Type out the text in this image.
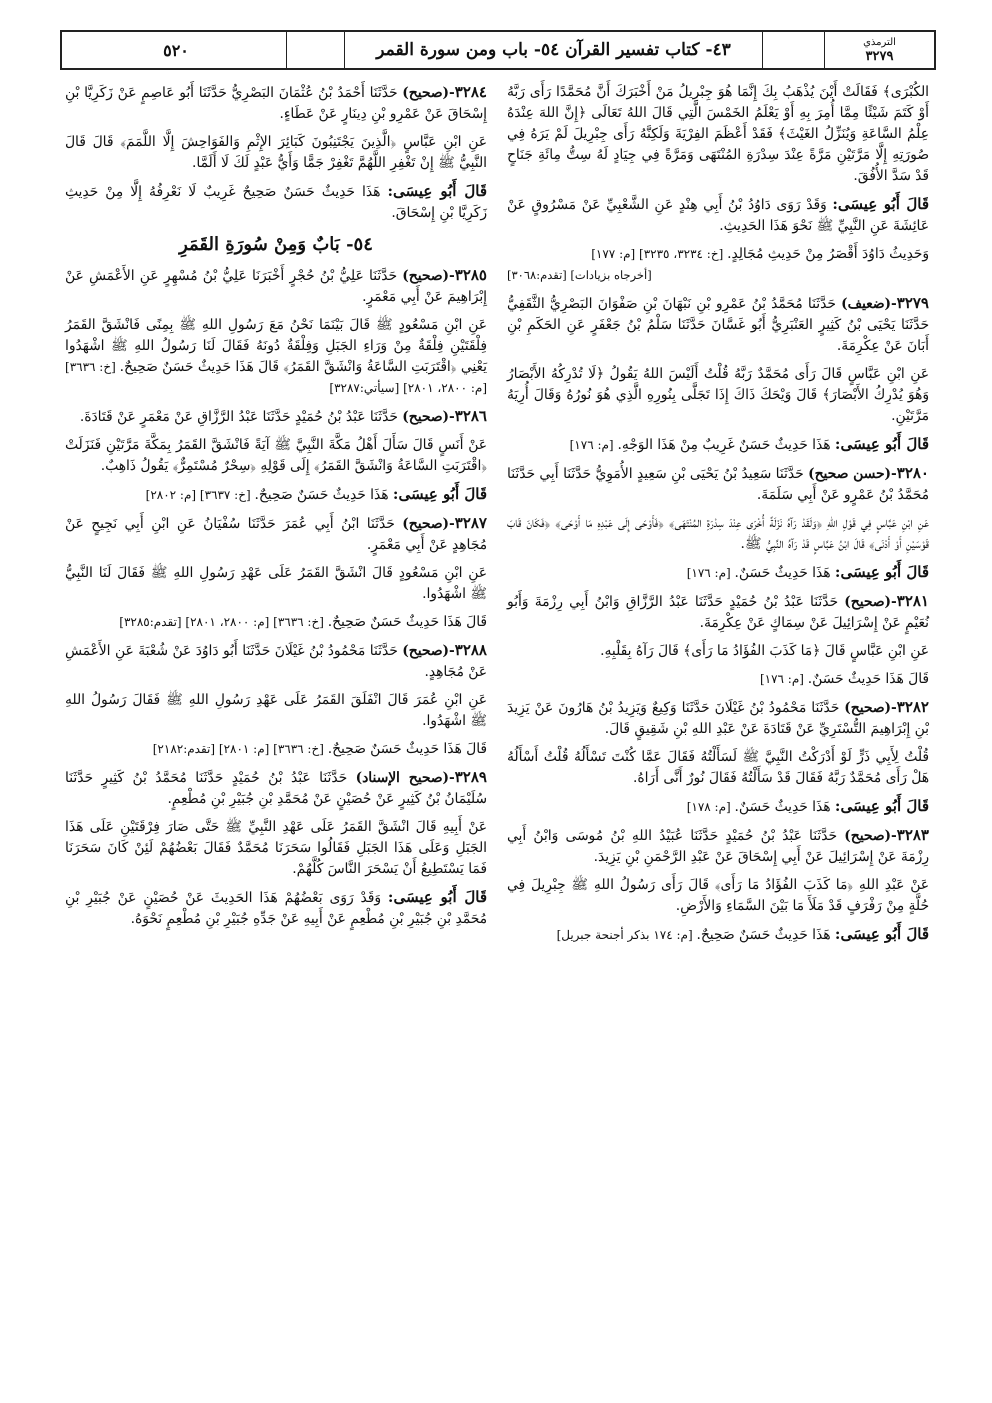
الترمذي
٣٢٧٩
٤٣- كتاب تفسير القرآن ٥٤- باب ومن سورة القمر
٥٢٠

الكُبْرَى﴾ فَقَالَتْ أَيْنَ يُذْهَبُ بِكَ إِنَّمَا هُوَ جِبْرِيلُ مَنْ أَخْبَرَكَ أَنَّ مُحَمَّدًا رَأَى رَبَّهُ أَوْ كَتَمَ شَيْئًا مِمَّا أُمِرَ بِهِ أَوْ يَعْلَمُ الخَمْسَ الَّتِي قَالَ اللهُ تَعَالَى ﴿إِنَّ اللهَ عِنْدَهُ عِلْمُ السَّاعَةِ وَيُنَزِّلُ الغَيْثَ﴾ فَقَدْ أَعْظَمَ الفِرْيَةَ وَلَكِنَّهُ رَأَى جِبْرِيلَ لَمْ يَرَهُ فِي صُورَتِهِ إِلَّا مَرَّتَيْنِ مَرَّةً عِنْدَ سِدْرَةِ المُنْتَهَى وَمَرَّةً فِي جِيَادٍ لَهُ سِتُّ مِائَةِ جَنَاحٍ قَدْ سَدَّ الأُفُقَ.

قَالَ أَبُو عِيسَى: وَقَدْ رَوَى دَاوُدُ بْنُ أَبِي هِنْدٍ عَنِ الشَّعْبِيِّ عَنْ مَسْرُوقٍ عَنْ عَائِشَةَ عَنِ النَّبِيِّ ﷺ نَحْوَ هَذَا الحَدِيثِ.

وَحَدِيثُ دَاوُدَ أَقْصَرُ مِنْ حَدِيثِ مُجَالِدٍ. [خ: ٣٢٣٤، ٣٢٣٥] [م: ١٧٧]
[أخرجاه بزيادات] [تقدم:٣٠٦٨]

٣٢٧٩-(ضعيف) حَدَّثَنَا مُحَمَّدُ بْنُ عَمْرِو بْنِ نَبْهَانَ بْنِ صَفْوَانَ البَصْرِيُّ الثَّقَفِيُّ حَدَّثَنَا يَحْيَى بْنُ كَثِيرٍ العَنْبَرِيُّ أَبُو غَسَّانَ حَدَّثَنَا سَلْمُ بْنُ جَعْفَرٍ عَنِ الحَكَمِ بْنِ أَبَانَ عَنْ عِكْرِمَةَ.

عَنِ ابْنِ عَبَّاسٍ قَالَ رَأَى مُحَمَّدٌ رَبَّهُ قُلْتُ أَلَيْسَ اللهُ يَقُولُ ﴿لَا تُدْرِكُهُ الأَبْصَارُ وَهُوَ يُدْرِكُ الأَبْصَارَ﴾ قَالَ وَيْحَكَ ذَاكَ إِذَا تَجَلَّى بِنُورِهِ الَّذِي هُوَ نُورُهُ وَقَالَ أُرِيَهُ مَرَّتَيْنِ.

قَالَ أَبُو عِيسَى: هَذَا حَدِيثٌ حَسَنٌ غَرِيبٌ مِنْ هَذَا الوَجْهِ. [م: ١٧٦]

٣٢٨٠-(حسن صحيح) حَدَّثَنَا سَعِيدُ بْنُ يَحْيَى بْنِ سَعِيدٍ الأُمَوِيُّ حَدَّثَنَا أَبِي حَدَّثَنَا مُحَمَّدُ بْنُ عَمْرٍو عَنْ أَبِي سَلَمَةَ.

عَنِ ابْنِ عَبَّاسٍ فِي قَوْلِ اللهِ ﴿وَلَقَدْ رَآهُ نَزْلَةً أُخْرَى عِنْدَ سِدْرَةِ المُنْتَهَى﴾ ﴿فَأَوْحَى إِلَى عَبْدِهِ مَا أَوْحَى﴾ ﴿فَكَانَ قَابَ قَوْسَيْنِ أَوْ أَدْنَى﴾ قَالَ ابْنُ عَبَّاسٍ قَدْ رَآهُ النَّبِيُّ ﷺ.

قَالَ أَبُو عِيسَى: هَذَا حَدِيثٌ حَسَنٌ. [م: ١٧٦]

٣٢٨١-(صحيح) حَدَّثَنَا عَبْدُ بْنُ حُمَيْدٍ حَدَّثَنَا عَبْدُ الرَّزَّاقِ وَابْنُ أَبِي رِزْمَةَ وَأَبُو نُعَيْمٍ عَنْ إِسْرَائِيلَ عَنْ سِمَاكٍ عَنْ عِكْرِمَةَ.

عَنِ ابْنِ عَبَّاسٍ قَالَ ﴿مَا كَذَبَ الفُؤَادُ مَا رَأَى﴾ قَالَ رَآهُ بِقَلْبِهِ.

قَالَ هَذَا حَدِيثٌ حَسَنٌ. [م: ١٧٦]

٣٢٨٢-(صحيح) حَدَّثَنَا مَحْمُودُ بْنُ غَيْلَانَ حَدَّثَنَا وَكِيعٌ وَيَزِيدُ بْنُ هَارُونَ عَنْ يَزِيدَ بْنِ إِبْرَاهِيمَ التُّسْتَرِيِّ عَنْ قَتَادَةَ عَنْ عَبْدِ اللهِ بْنِ شَقِيقٍ قَالَ.

قُلْتُ لِأَبِي ذَرٍّ لَوْ أَدْرَكْتُ النَّبِيَّ ﷺ لَسَأَلْتُهُ فَقَالَ عَمَّا كُنْتَ تَسْأَلُهُ قُلْتُ أَسْأَلُهُ هَلْ رَأَى مُحَمَّدٌ رَبَّهُ فَقَالَ قَدْ سَأَلْتُهُ فَقَالَ نُورٌ أَنَّى أَرَاهُ.

قَالَ أَبُو عِيسَى: هَذَا حَدِيثٌ حَسَنٌ. [م: ١٧٨]

٣٢٨٣-(صحيح) حَدَّثَنَا عَبْدُ بْنُ حُمَيْدٍ حَدَّثَنَا عُبَيْدُ اللهِ بْنُ مُوسَى وَابْنُ أَبِي رِزْمَةَ عَنْ إِسْرَائِيلَ عَنْ أَبِي إِسْحَاقَ عَنْ عَبْدِ الرَّحْمَنِ بْنِ يَزِيدَ.

عَنْ عَبْدِ اللهِ ﴿مَا كَذَبَ الفُؤَادُ مَا رَأَى﴾ قَالَ رَأَى رَسُولُ اللهِ ﷺ جِبْرِيلَ فِي حُلَّةٍ مِنْ رَفْرَفٍ قَدْ مَلَأَ مَا بَيْنَ السَّمَاءِ وَالأَرْضِ.

قَالَ أَبُو عِيسَى: هَذَا حَدِيثٌ حَسَنٌ صَحِيحٌ. [م: ١٧٤ بذكر أجنحة جبريل]

٣٢٨٤-(صحيح) حَدَّثَنَا أَحْمَدُ بْنُ عُثْمَانَ البَصْرِيُّ حَدَّثَنَا أَبُو عَاصِمٍ عَنْ زَكَرِيَّا بْنِ إِسْحَاقَ عَنْ عَمْرِو بْنِ دِينَارٍ عَنْ عَطَاءٍ.

عَنِ ابْنِ عَبَّاسٍ ﴿الَّذِينَ يَجْتَنِبُونَ كَبَائِرَ الإِثْمِ وَالفَوَاحِشَ إِلَّا اللَّمَمَ﴾ قَالَ قَالَ النَّبِيُّ ﷺ إِنْ تَغْفِرِ اللَّهُمَّ تَغْفِرْ جَمًّا وَأَيُّ عَبْدٍ لَكَ لَا أَلَمَّا.

قَالَ أَبُو عِيسَى: هَذَا حَدِيثٌ حَسَنٌ صَحِيحٌ غَرِيبٌ لَا نَعْرِفُهُ إِلَّا مِنْ حَدِيثِ زَكَرِيَّا بْنِ إِسْحَاقَ.

٥٤- بَابٌ وَمِنْ سُورَةِ القَمَرِ

٣٢٨٥-(صحيح) حَدَّثَنَا عَلِيُّ بْنُ حُجْرٍ أَخْبَرَنَا عَلِيُّ بْنُ مُسْهِرٍ عَنِ الأَعْمَشِ عَنْ إِبْرَاهِيمَ عَنْ أَبِي مَعْمَرٍ.

عَنِ ابْنِ مَسْعُودٍ ﷺ قَالَ بَيْنَمَا نَحْنُ مَعَ رَسُولِ اللهِ ﷺ بِمِنًى فَانْشَقَّ القَمَرُ فِلْقَتَيْنِ فِلْقَةٌ مِنْ وَرَاءِ الجَبَلِ وَفِلْقَةٌ دُونَهُ فَقَالَ لَنَا رَسُولُ اللهِ ﷺ اشْهَدُوا يَعْنِي ﴿اقْتَرَبَتِ السَّاعَةُ وَانْشَقَّ القَمَرُ﴾ قَالَ هَذَا حَدِيثٌ حَسَنٌ صَحِيحٌ. [خ: ٣٦٣٦] [م: ٢٨٠٠، ٢٨٠١] [سيأتي:٣٢٨٧]

٣٢٨٦-(صحيح) حَدَّثَنَا عَبْدُ بْنُ حُمَيْدٍ حَدَّثَنَا عَبْدُ الرَّزَّاقِ عَنْ مَعْمَرٍ عَنْ قَتَادَةَ.

عَنْ أَنَسٍ قَالَ سَأَلَ أَهْلُ مَكَّةَ النَّبِيَّ ﷺ آيَةً فَانْشَقَّ القَمَرُ بِمَكَّةَ مَرَّتَيْنِ فَنَزَلَتْ ﴿اقْتَرَبَتِ السَّاعَةُ وَانْشَقَّ القَمَرُ﴾ إِلَى قَوْلِهِ ﴿سِحْرٌ مُسْتَمِرٌّ﴾ يَقُولُ ذَاهِبٌ.

قَالَ أَبُو عِيسَى: هَذَا حَدِيثٌ حَسَنٌ صَحِيحٌ. [خ: ٣٦٣٧] [م: ٢٨٠٢]

٣٢٨٧-(صحيح) حَدَّثَنَا ابْنُ أَبِي عُمَرَ حَدَّثَنَا سُفْيَانُ عَنِ ابْنِ أَبِي نَجِيحٍ عَنْ مُجَاهِدٍ عَنْ أَبِي مَعْمَرٍ.

عَنِ ابْنِ مَسْعُودٍ قَالَ انْشَقَّ القَمَرُ عَلَى عَهْدِ رَسُولِ اللهِ ﷺ فَقَالَ لَنَا النَّبِيُّ ﷺ اشْهَدُوا.

قَالَ هَذَا حَدِيثٌ حَسَنٌ صَحِيحٌ. [خ: ٣٦٣٦] [م: ٢٨٠٠، ٢٨٠١] [تقدم:٣٢٨٥]

٣٢٨٨-(صحيح) حَدَّثَنَا مَحْمُودُ بْنُ غَيْلَانَ حَدَّثَنَا أَبُو دَاوُدَ عَنْ شُعْبَةَ عَنِ الأَعْمَشِ عَنْ مُجَاهِدٍ.

عَنِ ابْنِ عُمَرَ قَالَ انْفَلَقَ القَمَرُ عَلَى عَهْدِ رَسُولِ اللهِ ﷺ فَقَالَ رَسُولُ اللهِ ﷺ اشْهَدُوا.

قَالَ هَذَا حَدِيثٌ حَسَنٌ صَحِيحٌ. [خ: ٣٦٣٦] [م: ٢٨٠١] [تقدم:٢١٨٢]

٣٢٨٩-(صحيح الإسناد) حَدَّثَنَا عَبْدُ بْنُ حُمَيْدٍ حَدَّثَنَا مُحَمَّدُ بْنُ كَثِيرٍ حَدَّثَنَا سُلَيْمَانُ بْنُ كَثِيرٍ عَنْ حُصَيْنٍ عَنْ مُحَمَّدِ بْنِ جُبَيْرِ بْنِ مُطْعِمٍ.

عَنْ أَبِيهِ قَالَ انْشَقَّ القَمَرُ عَلَى عَهْدِ النَّبِيِّ ﷺ حَتَّى صَارَ فِرْقَتَيْنِ عَلَى هَذَا الجَبَلِ وَعَلَى هَذَا الجَبَلِ فَقَالُوا سَحَرَنَا مُحَمَّدٌ فَقَالَ بَعْضُهُمْ لَئِنْ كَانَ سَحَرَنَا فَمَا يَسْتَطِيعُ أَنْ يَسْحَرَ النَّاسَ كُلَّهُمْ.

قَالَ أَبُو عِيسَى: وَقَدْ رَوَى بَعْضُهُمْ هَذَا الحَدِيثَ عَنْ حُصَيْنٍ عَنْ جُبَيْرِ بْنِ مُحَمَّدِ بْنِ جُبَيْرِ بْنِ مُطْعِمٍ عَنْ أَبِيهِ عَنْ جَدِّهِ جُبَيْرِ بْنِ مُطْعِمٍ نَحْوَهُ.
